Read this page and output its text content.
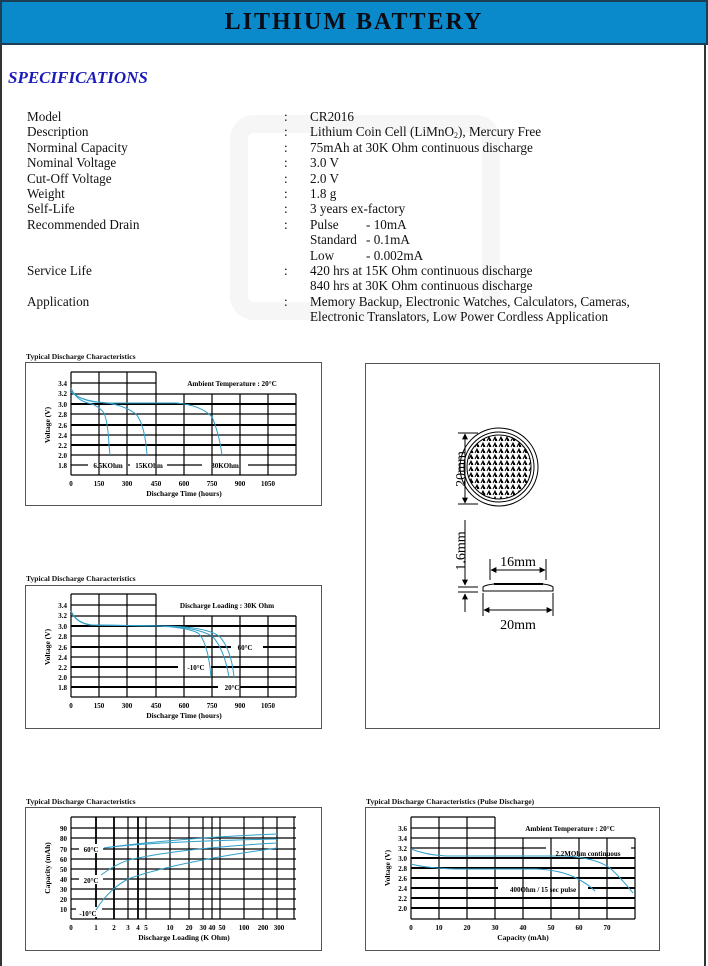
LITHIUM BATTERY
SPECIFICATIONS
Model	:	CR2016
Description	:	Lithium Coin Cell (LiMnO$_2$), Mercury Free
Norminal Capacity	:	75mAh at 30K Ohm continuous discharge
Nominal Voltage	:	3.0 V
Cut-Off Voltage	:	2.0 V
Weight	:	1.8 g
Self-Life	:	3 years ex-factory
Recommended Drain	:	Pulse	- 10mA
Standard - 0.1mA
Low	- 0.002mA
Service Life	:	420 hrs at 15K Ohm continuous discharge
840 hrs at 30K Ohm continuous discharge
Application	:	Memory Backup, Electronic Watches, Calculators, Cameras,
Electronic Translators, Low Power Cordless Application
Typical Discharge Characteristics
3.4
3.2
3.0
2.8
2.6
2.4
2.2
2.0
1.8
0	150	300	450	600	750	900 1050
Discharge Time (hours)
Voltage (V)
Ambient Temperature : 20°C
6.5KOhm 15KOhm	30KOhm
Typical Discharge Characteristics
3.4
3.2
3.0
2.8
2.6
2.4
2.2
2.0
1.8
0	150	300	450	600	750	900 1050
Discharge Time (hours)
Voltage (V)
Discharge Loading : 30K Ohm
-10°C
20°C
60°C
Typical Discharge Characteristics
90
80
70
60
50
40
30
20
10
0	1 2 3 4 5	10 20 30 40 50 100 200 300
Discharge Loading (K Ohm)
Capacity (mAh)	60°C
20°C
-10°C
Typical Discharge Characteristics (Pulse Discharge)
3.6
3.4
3.2
3.0
2.8
2.6
2.4
2.2
2.0
0	10	20	30	40	50	60	70
Capacity (mAh)
Voltage (V)
Ambient Temperature : 20°C
2.2MOhm continuous
400Ohm / 15 sec pulse
20mm
1.6mm 16mm
20mm
